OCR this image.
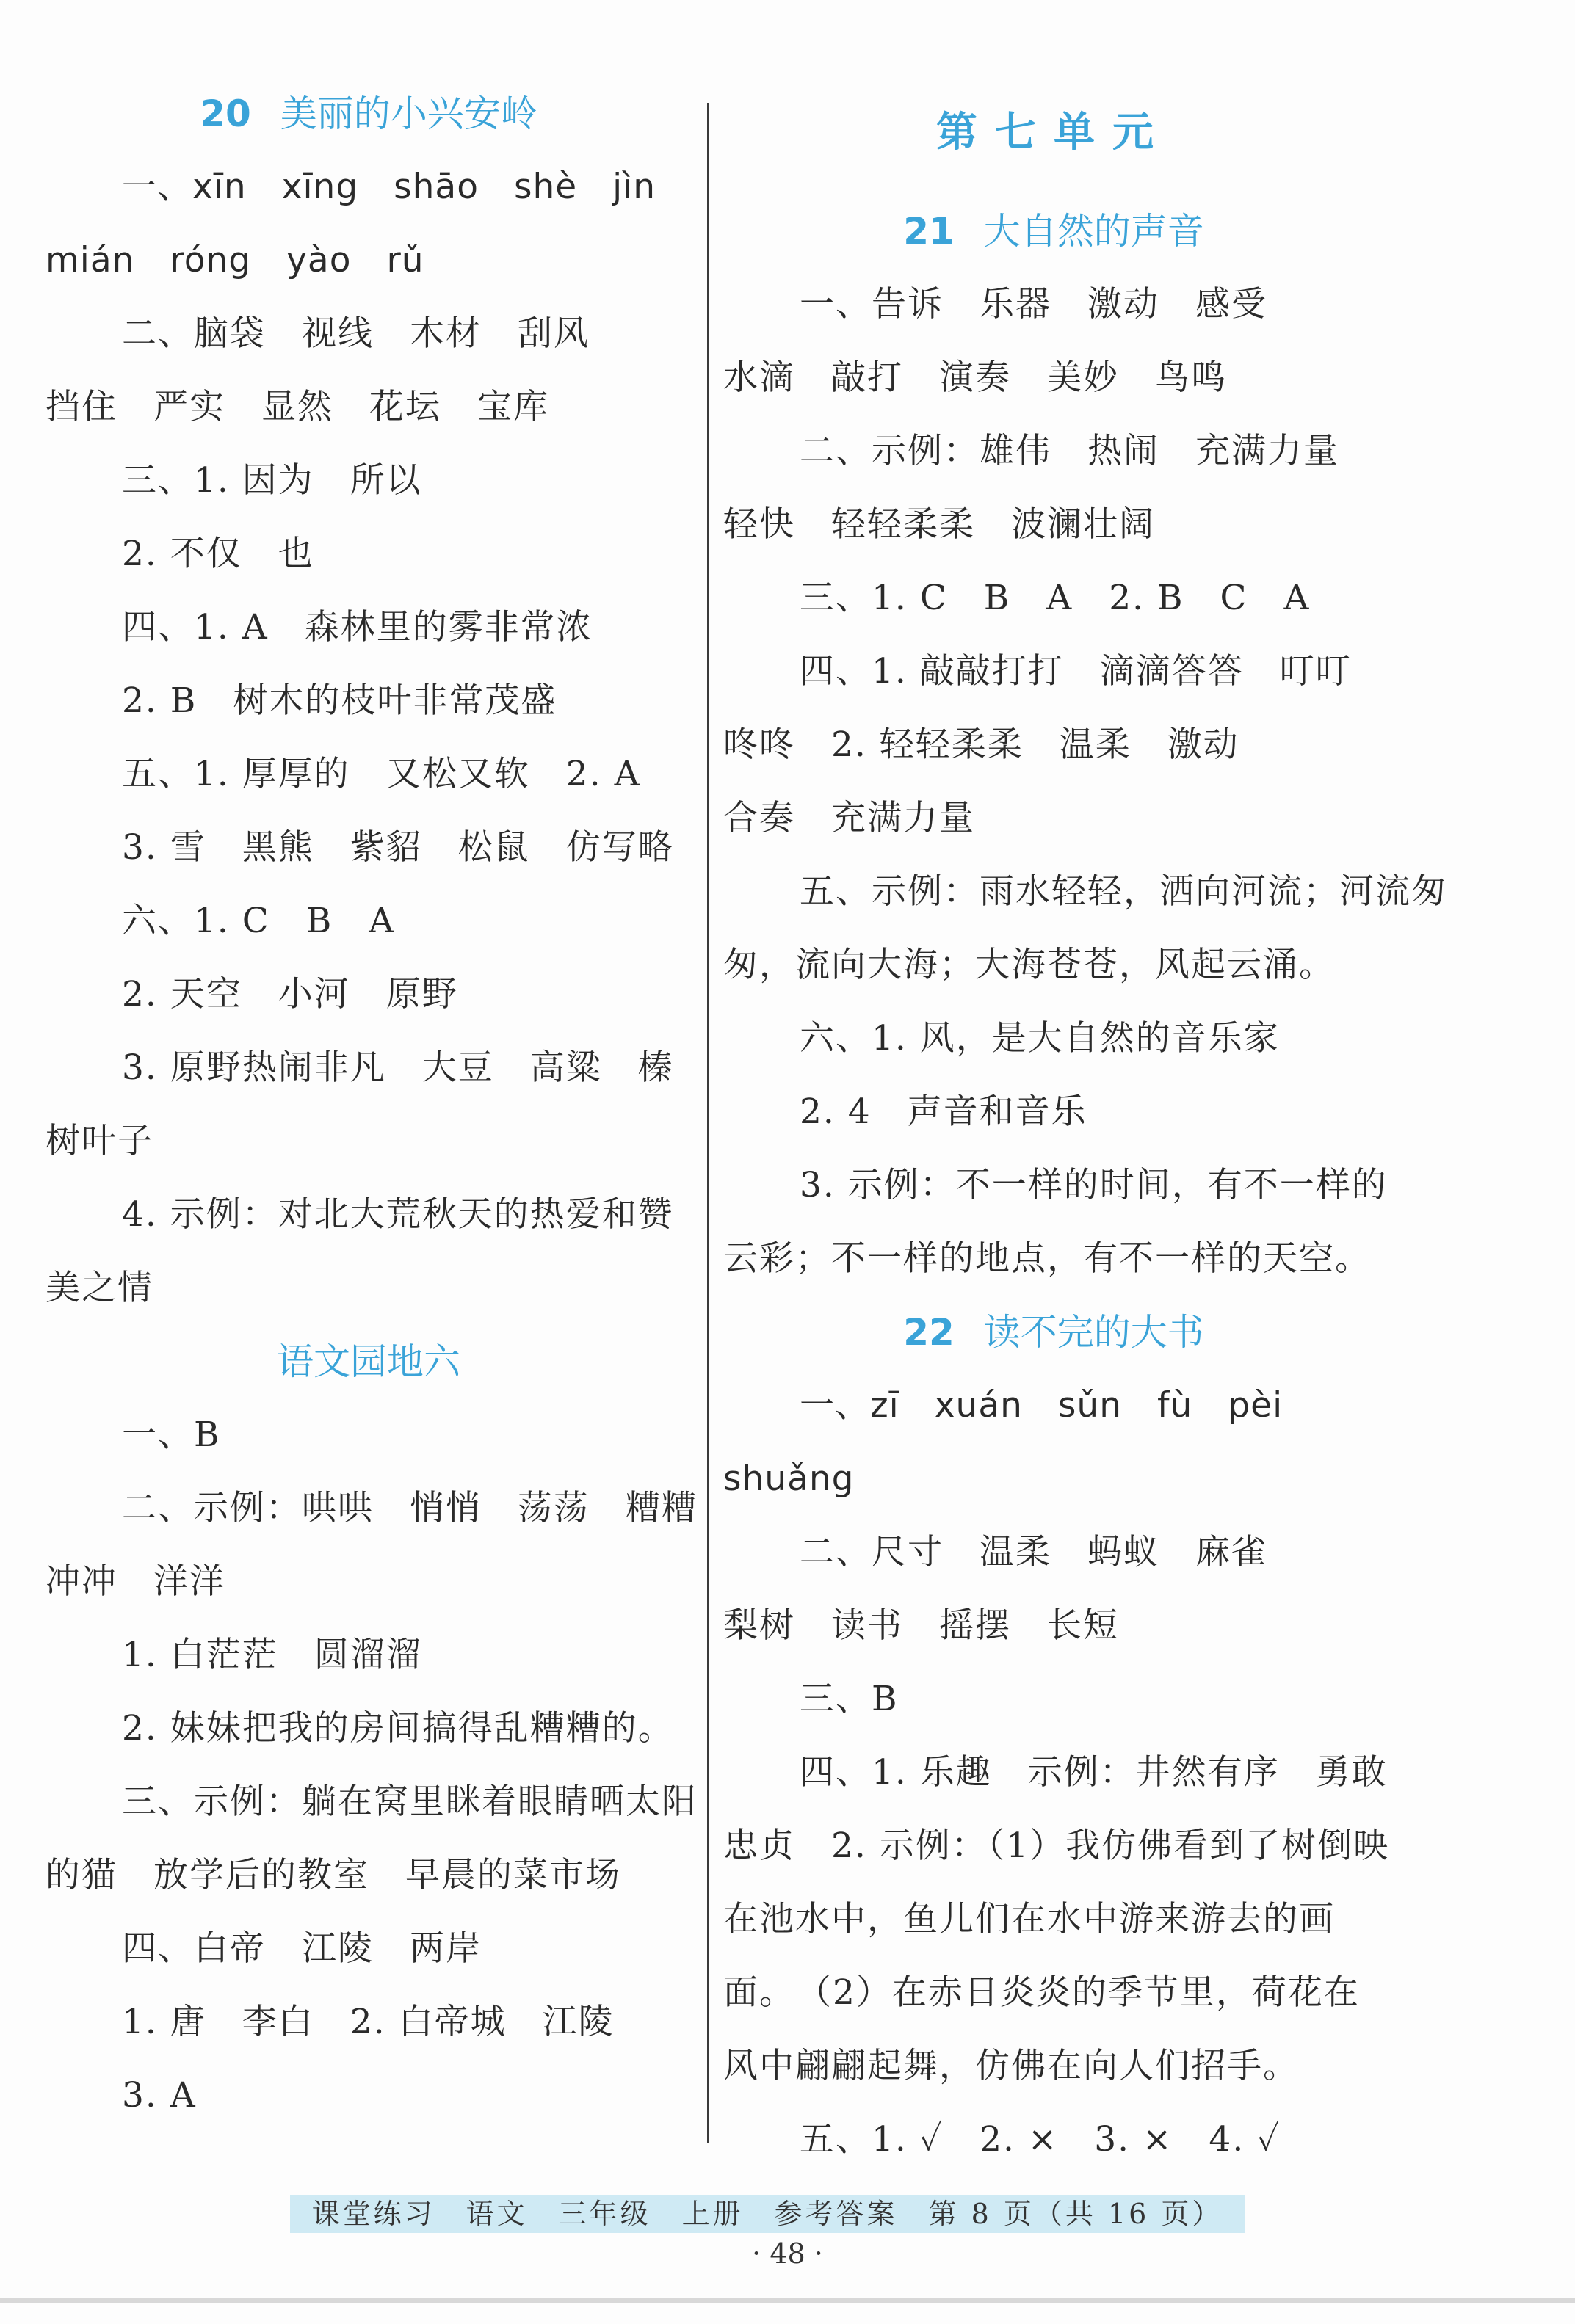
20 美丽的小兴安岭
一、xīn　xīng　shāo　shè　jìn
mián　róng　yào　rǔ
二、脑袋　视线　木材　刮风
挡住　严实　显然　花坛　宝库
三、1. 因为　所以
2. 不仅　也
四、1. A　森林里的雾非常浓
2. B　树木的枝叶非常茂盛
五、1. 厚厚的　又松又软　2. A
3. 雪　黑熊　紫貂　松鼠　仿写略
六、1. C　B　A
2. 天空　小河　原野
3. 原野热闹非凡　大豆　高粱　榛
树叶子
4. 示例：对北大荒秋天的热爱和赞
美之情
语文园地六
一、B
二、示例：哄哄　悄悄　荡荡　糟糟
冲冲　洋洋
1. 白茫茫　圆溜溜
2. 妹妹把我的房间搞得乱糟糟的。
三、示例：躺在窝里眯着眼睛晒太阳
的猫　放学后的教室　早晨的菜市场
四、白帝　江陵　两岸
1. 唐　李白　2. 白帝城　江陵
3. A
第七单元
21 大自然的声音
一、告诉　乐器　激动　感受
水滴　敲打　演奏　美妙　鸟鸣
二、示例：雄伟　热闹　充满力量
轻快　轻轻柔柔　波澜壮阔
三、1. C　B　A　2. B　C　A
四、1. 敲敲打打　滴滴答答　叮叮
咚咚　2. 轻轻柔柔　温柔　激动
合奏　充满力量
五、示例：雨水轻轻，洒向河流；河流匆
匆，流向大海；大海苍苍，风起云涌。
六、1. 风，是大自然的音乐家
2. 4　声音和音乐
3. 示例：不一样的时间，有不一样的
云彩；不一样的地点，有不一样的天空。
22 读不完的大书
一、zī　xuán　sǔn　fù　pèi
shuǎng
二、尺寸　温柔　蚂蚁　麻雀
梨树　读书　摇摆　长短
三、B
四、1. 乐趣　示例：井然有序　勇敢
忠贞　2. 示例：（1）我仿佛看到了树倒映
在池水中，鱼儿们在水中游来游去的画
面。　（2）在赤日炎炎的季节里，荷花在
风中翩翩起舞，仿佛在向人们招手。
五、1. ✓　2. ×　3. ×　4. ✓
课堂练习　语文　三年级　上册　参考答案　第 8 页（共 16 页）
· 48 ·
